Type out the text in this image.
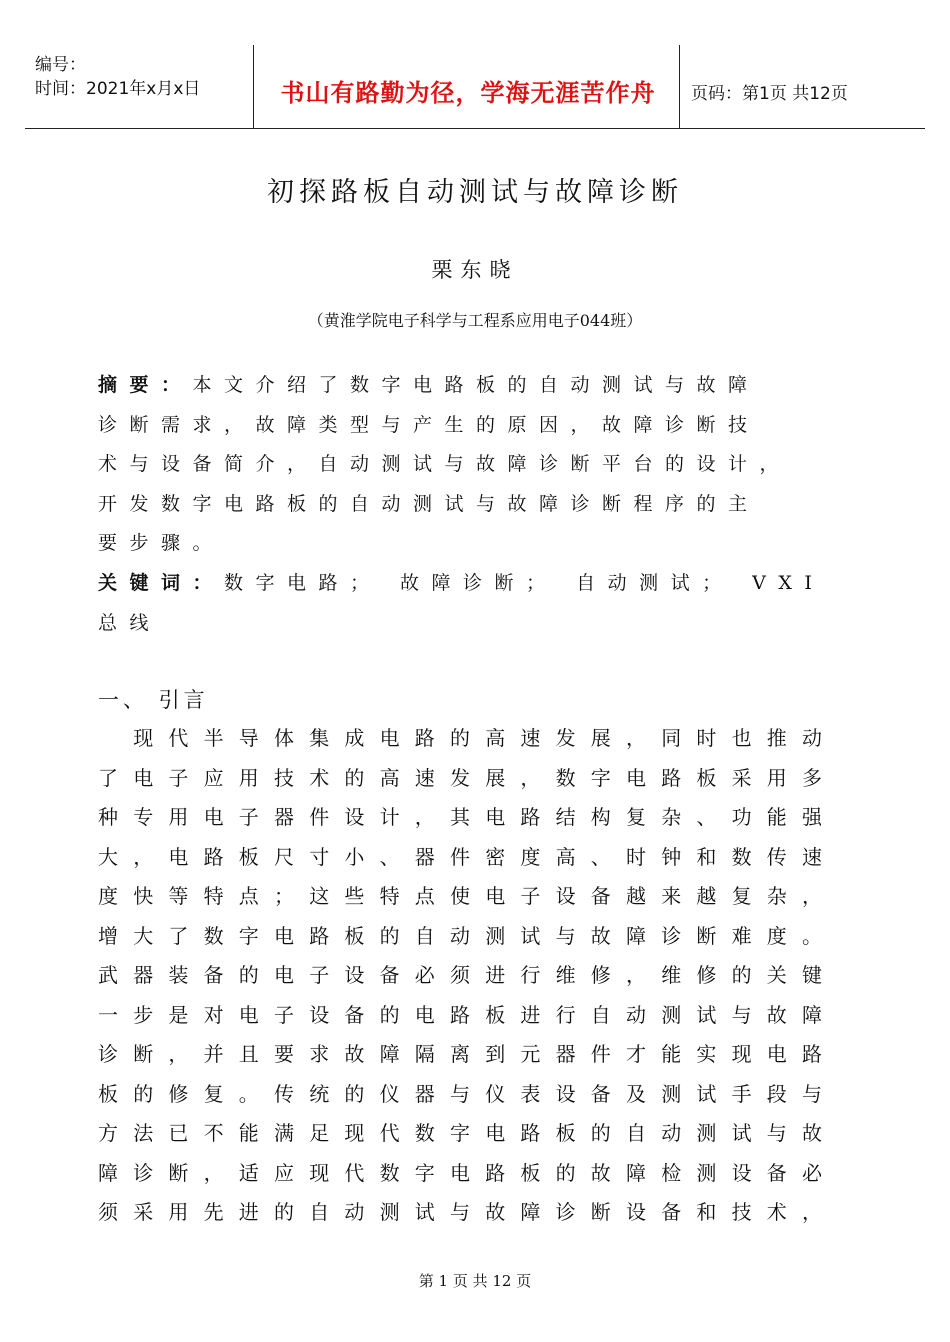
编号：
时间：2021年x月x日	书山有路勤为径，学海无涯苦作舟	页码：第1页 共12页
初探路板自动测试与故障诊断
栗东晓
（黄淮学院电子科学与工程系应用电子044班）
摘要：本文介绍了数字电路板的自动测试与故障
诊断需求，故障类型与产生的原因，故障诊断技
术与设备简介，自动测试与故障诊断平台的设计，
开发数字电路板的自动测试与故障诊断程序的主
要步骤。
关键词：数字电路； 故障诊断； 自动测试； VXI
总线
一、 引言
　现代半导体集成电路的高速发展，同时也推动
了电子应用技术的高速发展，数字电路板采用多
种专用电子器件设计，其电路结构复杂、功能强
大，电路板尺寸小、器件密度高、时钟和数传速
度快等特点；这些特点使电子设备越来越复杂，
增大了数字电路板的自动测试与故障诊断难度。
武器装备的电子设备必须进行维修，维修的关键
一步是对电子设备的电路板进行自动测试与故障
诊断，并且要求故障隔离到元器件才能实现电路
板的修复。传统的仪器与仪表设备及测试手段与
方法已不能满足现代数字电路板的自动测试与故
障诊断，适应现代数字电路板的故障检测设备必
须采用先进的自动测试与故障诊断设备和技术，
第 1 页 共 12 页
